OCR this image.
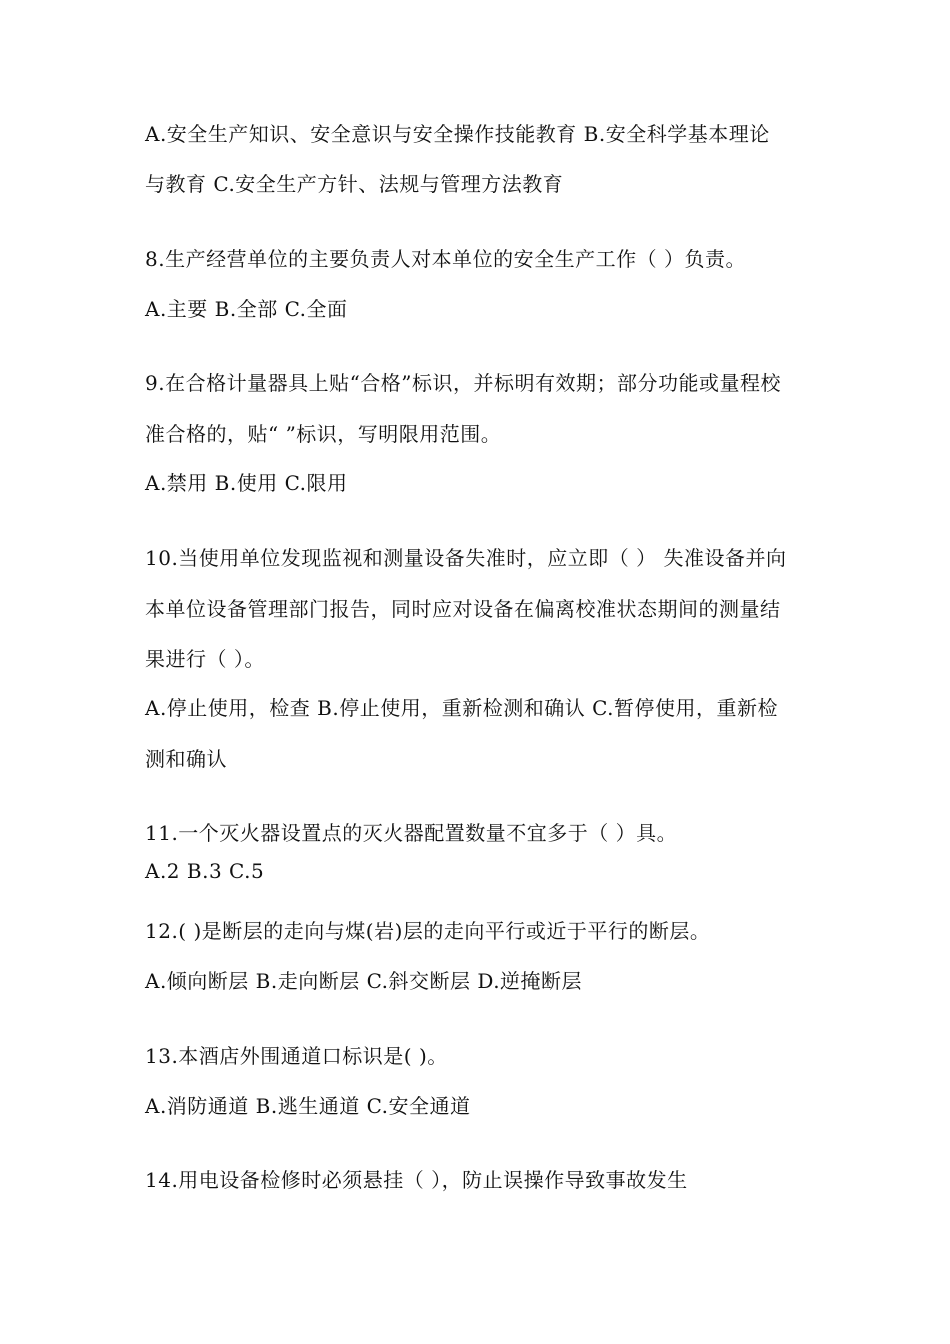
A.安全生产知识、安全意识与安全操作技能教育 B.安全科学基本理论
与教育 C.安全生产方针、法规与管理方法教育
8.生产经营单位的主要负责人对本单位的安全生产工作（ ）负责。
A.主要 B.全部 C.全面
9.在合格计量器具上贴“合格”标识，并标明有效期；部分功能或量程校
准合格的，贴“ ”标识，写明限用范围。
A.禁用 B.使用 C.限用
10.当使用单位发现监视和测量设备失准时，应立即（ ） 失准设备并向
本单位设备管理部门报告，同时应对设备在偏离校准状态期间的测量结
果进行（ ）。
A.停止使用，检查 B.停止使用，重新检测和确认 C.暂停使用，重新检
测和确认
11.一个灭火器设置点的灭火器配置数量不宜多于（ ）具。
A.2 B.3 C.5
12.( )是断层的走向与煤(岩)层的走向平行或近于平行的断层。
A.倾向断层 B.走向断层 C.斜交断层 D.逆掩断层
13.本酒店外围通道口标识是( )。
A.消防通道 B.逃生通道 C.安全通道
14.用电设备检修时必须悬挂（ ），防止误操作导致事故发生
